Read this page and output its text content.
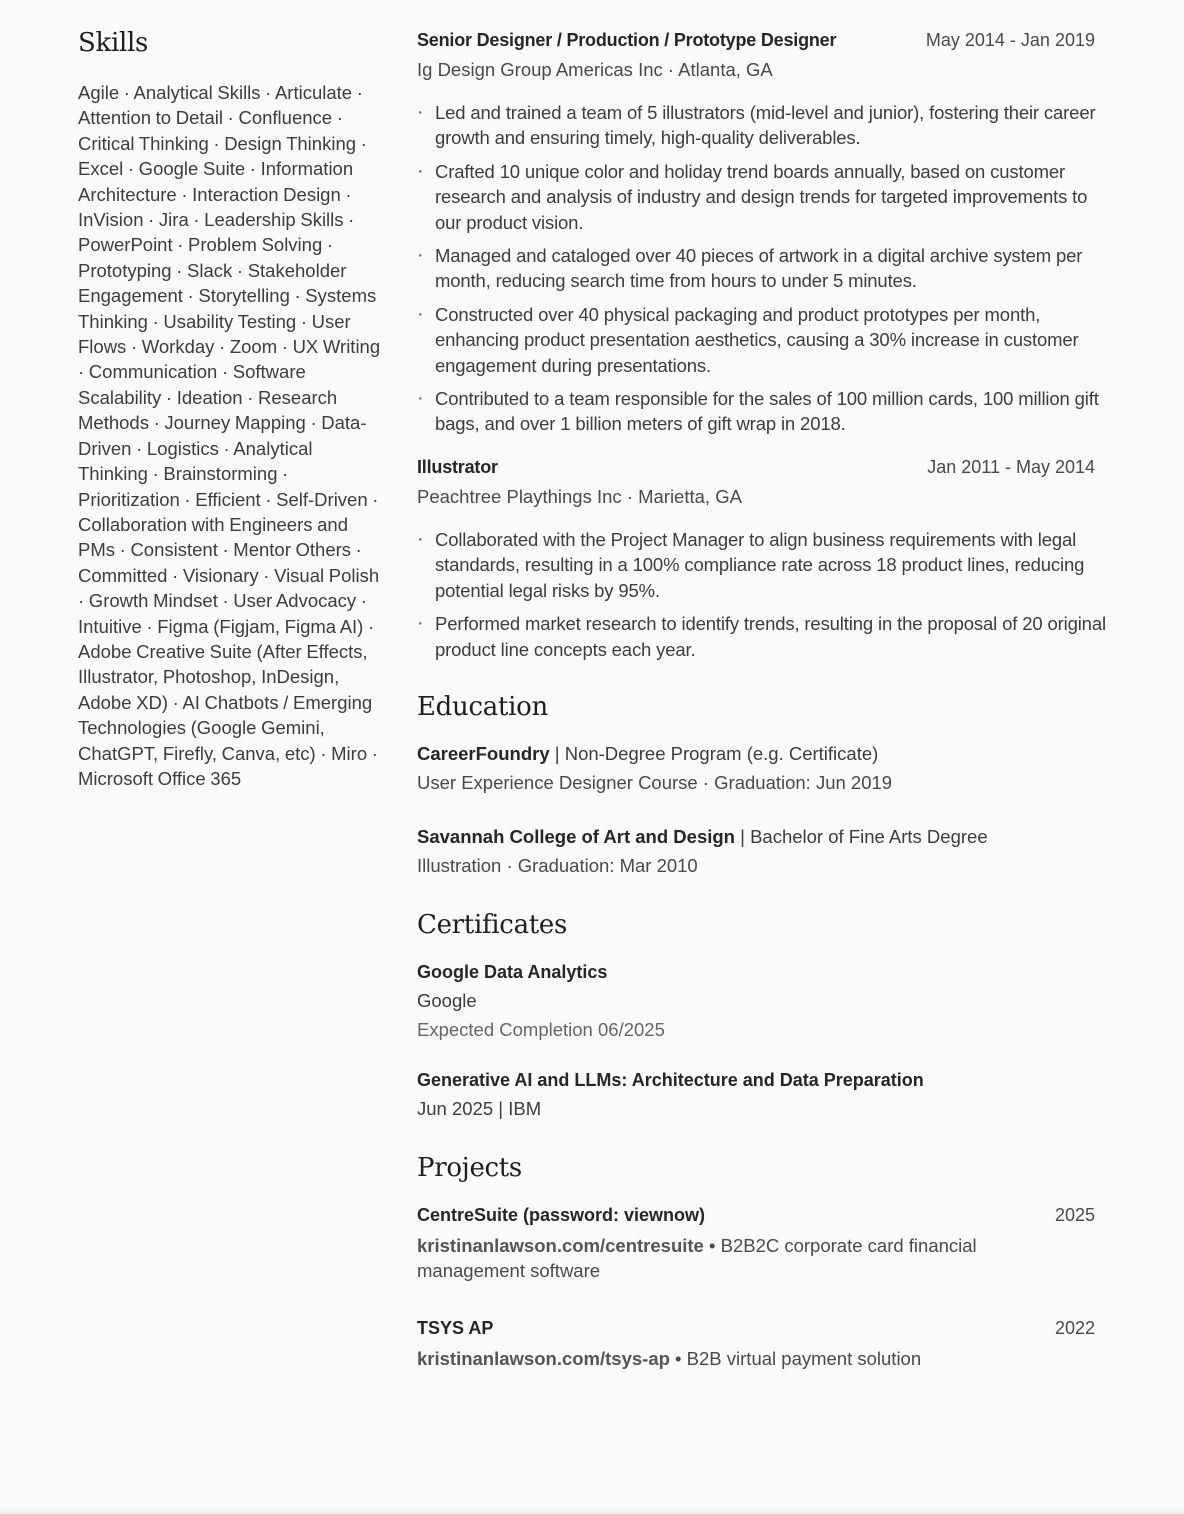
Skills
Agile · Analytical Skills · Articulate · Attention to Detail · Confluence · Critical Thinking · Design Thinking · Excel · Google Suite · Information Architecture · Interaction Design · InVision · Jira · Leadership Skills · PowerPoint · Problem Solving · Prototyping · Slack · Stakeholder Engagement · Storytelling · Systems Thinking · Usability Testing · User Flows · Workday · Zoom · UX Writing · Communication · Software Scalability · Ideation · Research Methods · Journey Mapping · Data-Driven · Logistics · Analytical Thinking · Brainstorming · Prioritization · Efficient · Self-Driven · Collaboration with Engineers and PMs · Consistent · Mentor Others · Committed · Visionary · Visual Polish · Growth Mindset · User Advocacy · Intuitive · Figma (Figjam, Figma AI) · Adobe Creative Suite (After Effects, Illustrator, Photoshop, InDesign, Adobe XD) · AI Chatbots / Emerging Technologies (Google Gemini, ChatGPT, Firefly, Canva, etc) · Miro · Microsoft Office 365
Senior Designer / Production / Prototype Designer	May 2014 - Jan 2019
Ig Design Group Americas Inc · Atlanta, GA
· Led and trained a team of 5 illustrators (mid-level and junior), fostering their career growth and ensuring timely, high-quality deliverables.
· Crafted 10 unique color and holiday trend boards annually, based on customer research and analysis of industry and design trends for targeted improvements to our product vision.
· Managed and cataloged over 40 pieces of artwork in a digital archive system per month, reducing search time from hours to under 5 minutes.
· Constructed over 40 physical packaging and product prototypes per month, enhancing product presentation aesthetics, causing a 30% increase in customer engagement during presentations.
· Contributed to a team responsible for the sales of 100 million cards, 100 million gift bags, and over 1 billion meters of gift wrap in 2018.
Illustrator	Jan 2011 - May 2014
Peachtree Playthings Inc · Marietta, GA
· Collaborated with the Project Manager to align business requirements with legal standards, resulting in a 100% compliance rate across 18 product lines, reducing potential legal risks by 95%.
· Performed market research to identify trends, resulting in the proposal of 20 original product line concepts each year.
Education
CareerFoundry | Non-Degree Program (e.g. Certificate)
User Experience Designer Course · Graduation: Jun 2019
Savannah College of Art and Design | Bachelor of Fine Arts Degree
Illustration · Graduation: Mar 2010
Certificates
Google Data Analytics
Google
Expected Completion 06/2025
Generative AI and LLMs: Architecture and Data Preparation
Jun 2025 | IBM
Projects
CentreSuite (password: viewnow)	2025
kristinanlawson.com/centresuite • B2B2C corporate card financial management software
TSYS AP	2022
kristinanlawson.com/tsys-ap • B2B virtual payment solution
